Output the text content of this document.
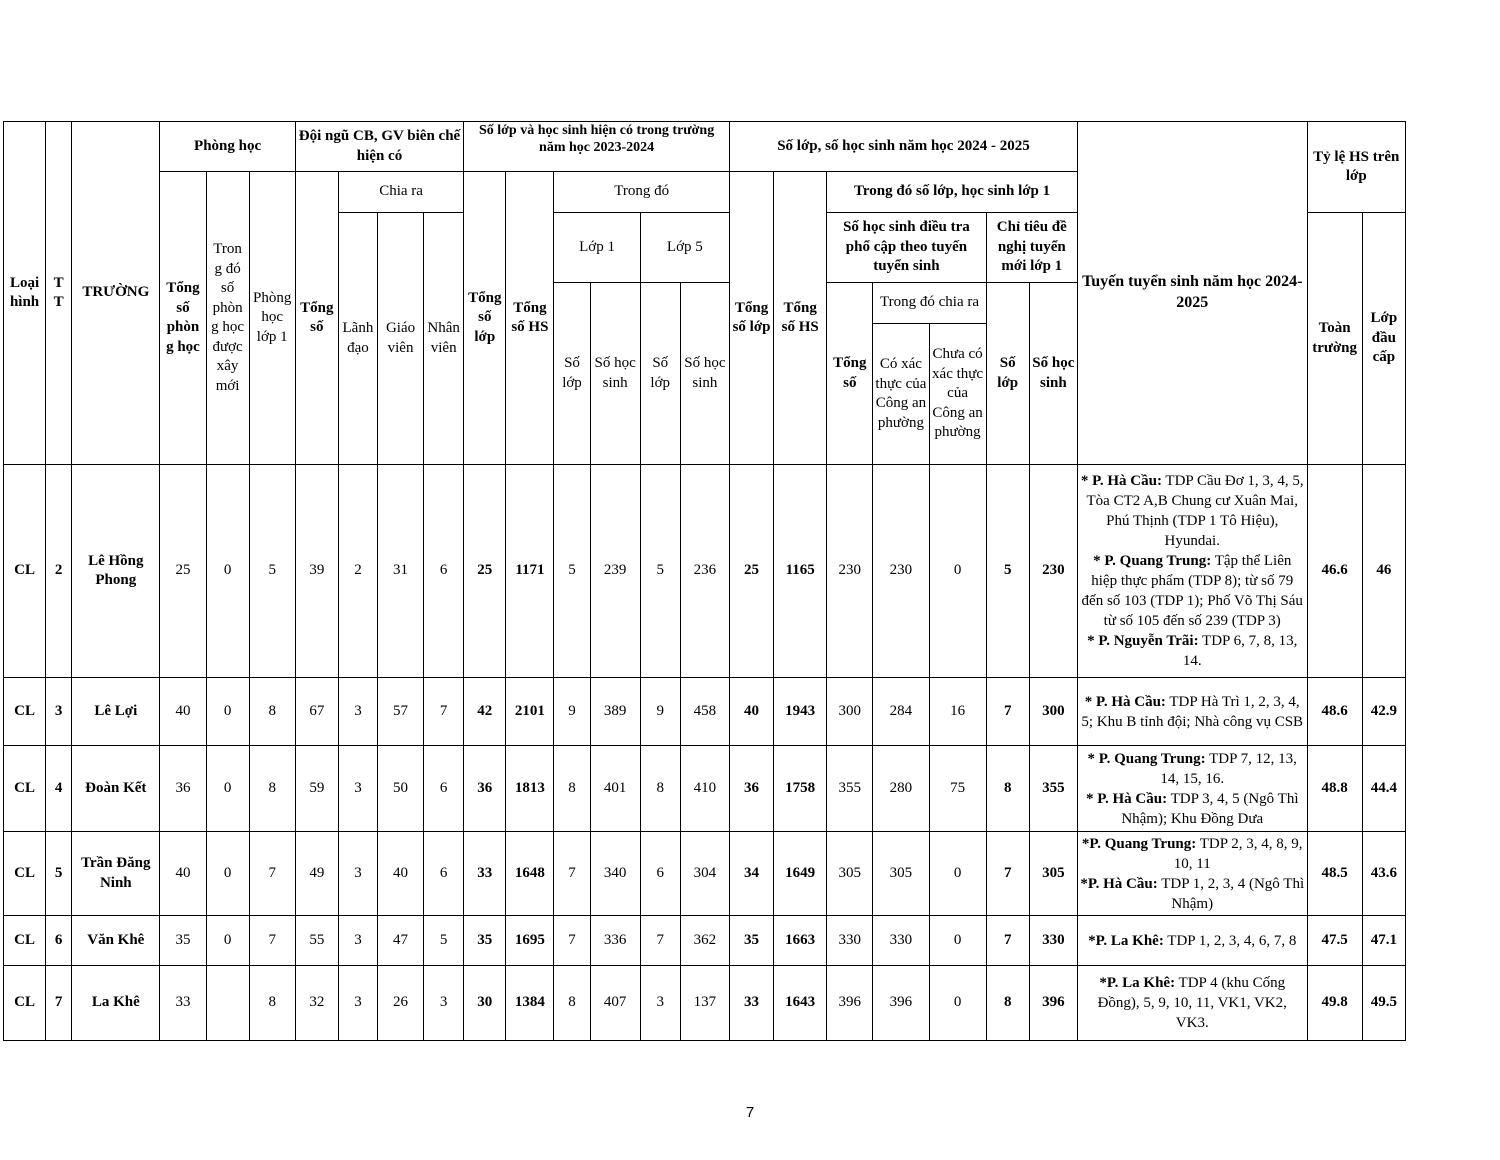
Loại hình	T T	TRƯỜNG	Phòng học			Đội ngũ CB, GV biên chế hiện có				Số lớp và học sinh hiện có trong trường năm học 2023-2024						Số lớp, số học sinh năm học 2024 - 2025							Tuyến tuyển sinh năm học 2024-2025	Tỷ lệ HS trên lớp	
			Tổng số phòn g học	Tron g đó số phòn g học được xây mới	Phòng học lớp 1	Tổng số	Chia ra			Tổng số lớp	Tổng số HS	Trong đó				Tổng số lớp	Tổng số HS	Trong đó số lớp, học sinh lớp 1							
							Lãnh đạo	Giáo viên	Nhân viên			Lớp 1		Lớp 5				Số học sinh điều tra phổ cập theo tuyến tuyển sinh			Chỉ tiêu đề nghị tuyển mới lớp 1			Toàn trường	Lớp đầu cấp
												Số lớp	Số học sinh	Số lớp	Số học sinh			Tổng số	Trong đó chia ra		Số lớp	Số học sinh			
																			Có xác thực của Công an phường	Chưa có xác thực của Công an phường					
CL	2	Lê Hồng Phong	25	0	5	39	2	31	6	25	1171	5	239	5	236	25	1165	230	230	0	5	230	* P. Hà Cầu: TDP Cầu Đơ 1, 3, 4, 5, Tòa CT2 A,B Chung cư Xuân Mai, Phú Thịnh (TDP 1 Tô Hiệu), Hyundai.
* P. Quang Trung: Tập thể Liên hiệp thực phẩm (TDP 8); từ số 79 đến số 103 (TDP 1); Phố Võ Thị Sáu từ số 105 đến số 239 (TDP 3)
* P. Nguyễn Trãi: TDP 6, 7, 8, 13, 14.	46.6	46
CL	3	Lê Lợi	40	0	8	67	3	57	7	42	2101	9	389	9	458	40	1943	300	284	16	7	300	* P. Hà Cầu: TDP Hà Trì 1, 2, 3, 4, 5; Khu B tỉnh đội; Nhà công vụ CSB	48.6	42.9
CL	4	Đoàn Kết	36	0	8	59	3	50	6	36	1813	8	401	8	410	36	1758	355	280	75	8	355	* P. Quang Trung: TDP 7, 12, 13, 14, 15, 16.
* P. Hà Cầu: TDP 3, 4, 5 (Ngô Thì Nhậm); Khu Đồng Dưa	48.8	44.4
CL	5	Trần Đăng Ninh	40	0	7	49	3	40	6	33	1648	7	340	6	304	34	1649	305	305	0	7	305	*P. Quang Trung: TDP 2, 3, 4, 8, 9, 10, 11
*P. Hà Cầu: TDP 1, 2, 3, 4 (Ngô Thì Nhậm)	48.5	43.6
CL	6	Văn Khê	35	0	7	55	3	47	5	35	1695	7	336	7	362	35	1663	330	330	0	7	330	*P. La Khê: TDP 1, 2, 3, 4, 6, 7, 8	47.5	47.1
CL	7	La Khê	33		8	32	3	26	3	30	1384	8	407	3	137	33	1643	396	396	0	8	396	*P. La Khê: TDP 4 (khu Cống Đồng), 5, 9, 10, 11, VK1, VK2, VK3.	49.8	49.5
7
